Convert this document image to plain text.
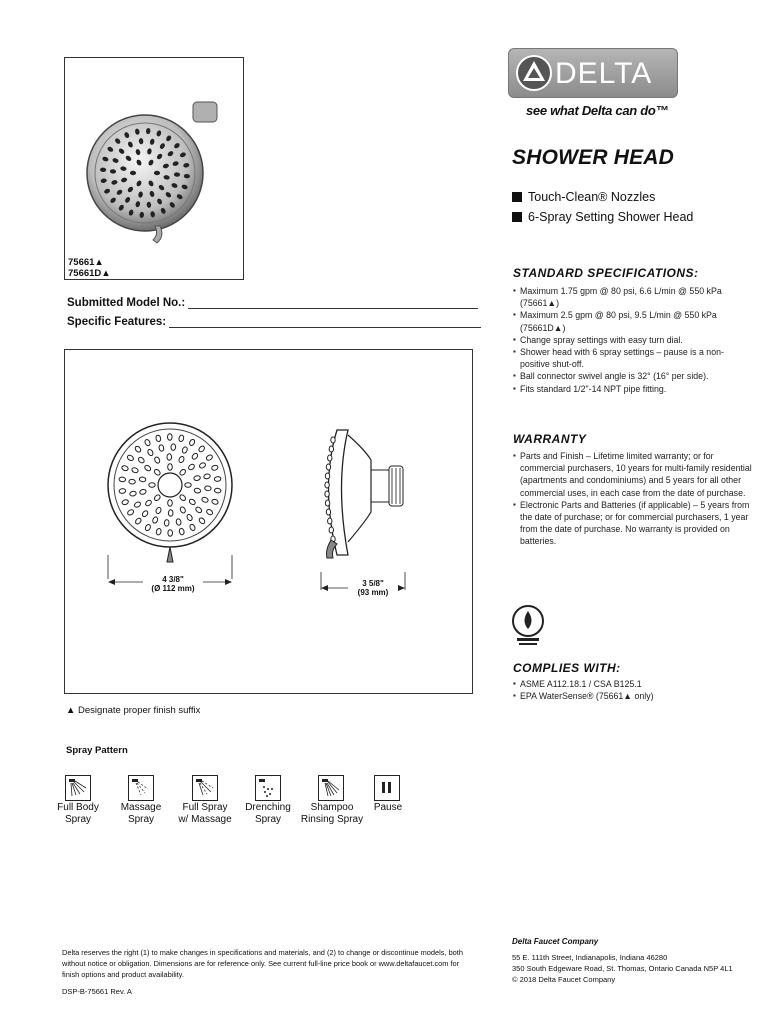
75661▲
75661D▲
DELTA
see what Delta can do™
SHOWER HEAD
Touch-Clean® Nozzles
6-Spray Setting Shower Head
STANDARD SPECIFICATIONS:
▪ Maximum 1.75 gpm @ 80 psi, 6.6 L/min @ 550 kPa (75661▲)
▪ Maximum 2.5 gpm @ 80 psi, 9.5 L/min @ 550 kPa (75661D▲)
▪ Change spray settings with easy turn dial.
▪ Shower head with 6 spray settings – pause is a non-positive shut-off.
▪ Ball connector swivel angle is 32° (16° per side).
▪ Fits standard 1/2"-14 NPT pipe fitting.
WARRANTY
▪ Parts and Finish – Lifetime limited warranty; or for commercial purchasers, 10 years for multi-family residential (apartments and condominiums) and 5 years for all other commercial uses, in each case from the date of purchase.
▪ Electronic Parts and Batteries (if applicable) – 5 years from the date of purchase; or for commercial purchasers, 1 year from the date of purchase. No warranty is provided on batteries.
COMPLIES WITH:
▪ ASME A112.18.1 / CSA B125.1
▪ EPA WaterSense® (75661▲ only)
Submitted Model No.:
Specific Features:
4 3/8"
(Ø 112 mm)
3 5/8"
(93 mm)
▲ Designate proper finish suffix
Spray Pattern
Full Body
Spray
Massage
Spray
Full Spray
w/ Massage
Drenching
Spray
Shampoo
Rinsing Spray
Pause
Delta reserves the right (1) to make changes in specifications and materials, and (2) to change or discontinue models, both without notice or obligation. Dimensions are for reference only. See current full-line price book or www.deltafaucet.com for finish options and product availability.
DSP-B-75661 Rev. A
Delta Faucet Company
55 E. 111th Street, Indianapolis, Indiana 46280
350 South Edgeware Road, St. Thomas, Ontario Canada N5P 4L1
© 2018 Delta Faucet Company
